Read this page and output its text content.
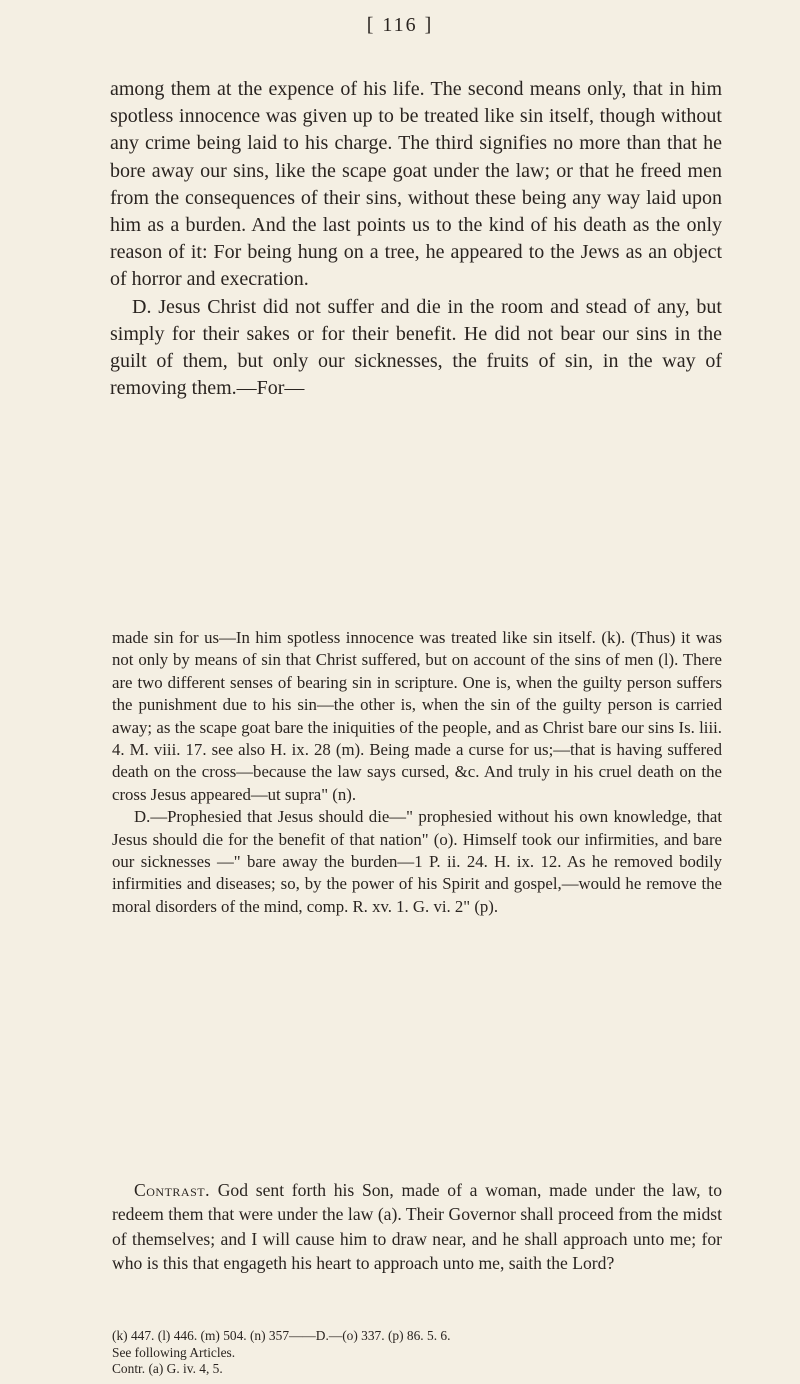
[ 116 ]

among them at the expence of his life. The second means only, that in him spotless innocence was given up to be treated like sin itself, though without any crime being laid to his charge. The third signifies no more than that he bore away our sins, like the scape goat under the law; or that he freed men from the consequences of their sins, without these being any way laid upon him as a burden. And the last points us to the kind of his death as the only reason of it: For being hung on a tree, he appeared to the Jews as an object of horror and execration.

D. Jesus Christ did not suffer and die in the room and stead of any, but simply for their sakes or for their benefit. He did not bear our sins in the guilt of them, but only our sicknesses, the fruits of sin, in the way of removing them.—For—

made sin for us—In him spotless innocence was treated like sin itself. (k). (Thus) it was not only by means of sin that Christ suffered, but on account of the sins of men (l). There are two different senses of bearing sin in scripture. One is, when the guilty person suffers the punishment due to his sin—the other is, when the sin of the guilty person is carried away; as the scape goat bare the iniquities of the people, and as Christ bare our sins Is. liii. 4. M. viii. 17. see also H. ix. 28 (m). Being made a curse for us;—that is having suffered death on the cross—because the law says cursed, &c. And truly in his cruel death on the cross Jesus appeared—ut supra" (n).

D.—Prophesied that Jesus should die—" prophesied without his own knowledge, that Jesus should die for the benefit of that nation" (o). Himself took our infirmities, and bare our sicknesses —" bare away the burden—1 P. ii. 24. H. ix. 12. As he removed bodily infirmities and diseases; so, by the power of his Spirit and gospel,—would he remove the moral disorders of the mind, comp. R. xv. 1. G. vi. 2" (p).

Contrast. God sent forth his Son, made of a woman, made under the law, to redeem them that were under the law (a). Their Governor shall proceed from the midst of themselves; and I will cause him to draw near, and he shall approach unto me; for who is this that engageth his heart to approach unto me, saith the Lord?

(k) 447. (l) 446. (m) 504. (n) 357——D.—(o) 337. (p) 86. 5. 6.
See following Articles.
Contr. (a) G. iv. 4, 5.
